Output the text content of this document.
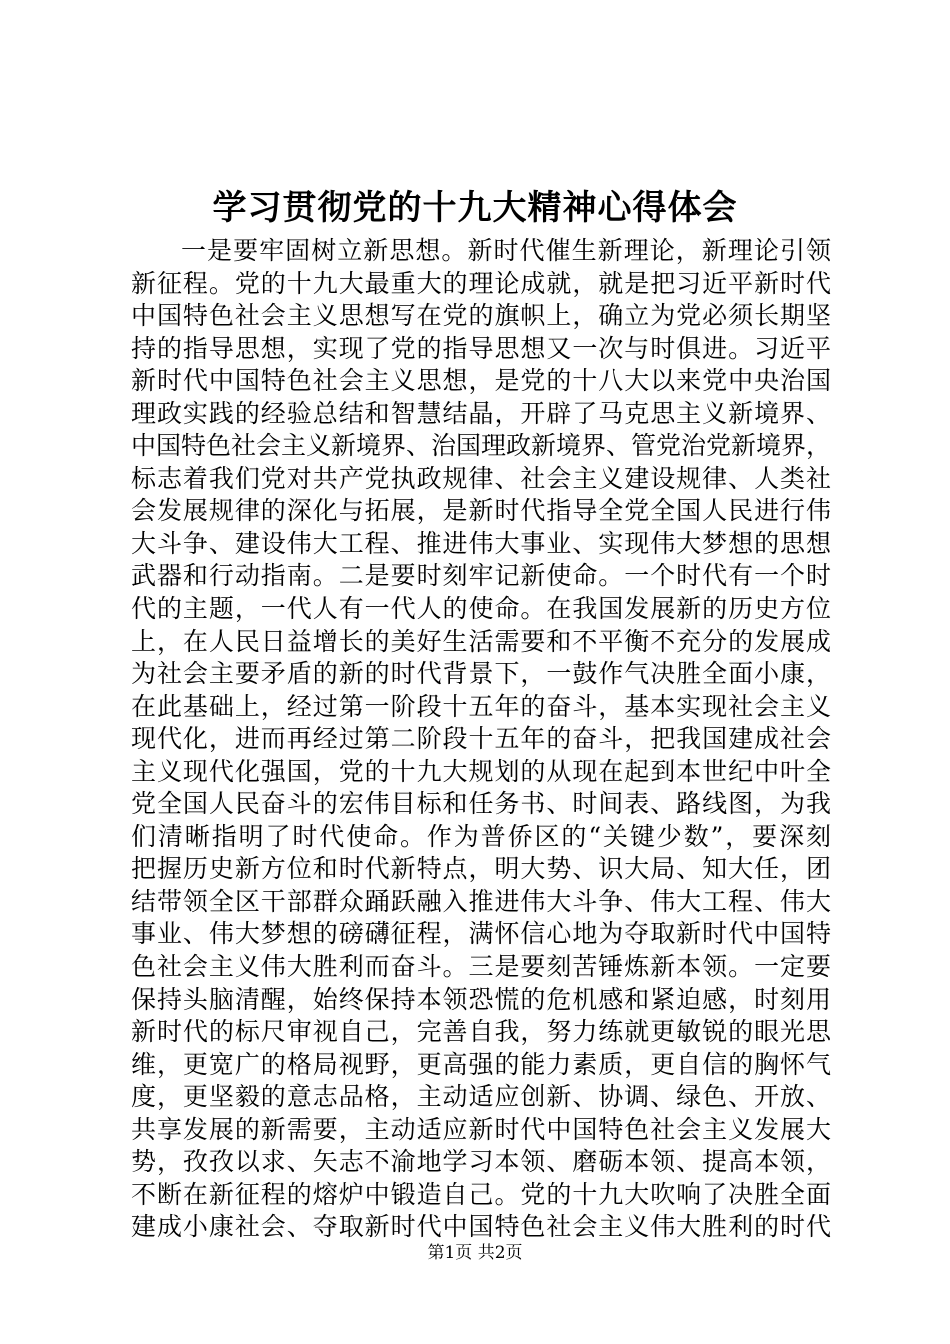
学习贯彻党的十九大精神心得体会
一是要牢固树立新思想。新时代催生新理论，新理论引领
新征程。党的十九大最重大的理论成就，就是把习近平新时代
中国特色社会主义思想写在党的旗帜上，确立为党必须长期坚
持的指导思想，实现了党的指导思想又一次与时俱进。习近平
新时代中国特色社会主义思想，是党的十八大以来党中央治国
理政实践的经验总结和智慧结晶，开辟了马克思主义新境界、
中国特色社会主义新境界、治国理政新境界、管党治党新境界，
标志着我们党对共产党执政规律、社会主义建设规律、人类社
会发展规律的深化与拓展，是新时代指导全党全国人民进行伟
大斗争、建设伟大工程、推进伟大事业、实现伟大梦想的思想
武器和行动指南。二是要时刻牢记新使命。一个时代有一个时
代的主题，一代人有一代人的使命。在我国发展新的历史方位
上，在人民日益增长的美好生活需要和不平衡不充分的发展成
为社会主要矛盾的新的时代背景下，一鼓作气决胜全面小康，
在此基础上，经过第一阶段十五年的奋斗，基本实现社会主义
现代化，进而再经过第二阶段十五年的奋斗，把我国建成社会
主义现代化强国，党的十九大规划的从现在起到本世纪中叶全
党全国人民奋斗的宏伟目标和任务书、时间表、路线图，为我
们清晰指明了时代使命。作为普侨区的“关键少数”，要深刻
把握历史新方位和时代新特点，明大势、识大局、知大任，团
结带领全区干部群众踊跃融入推进伟大斗争、伟大工程、伟大
事业、伟大梦想的磅礴征程，满怀信心地为夺取新时代中国特
色社会主义伟大胜利而奋斗。三是要刻苦锤炼新本领。一定要
保持头脑清醒，始终保持本领恐慌的危机感和紧迫感，时刻用
新时代的标尺审视自己，完善自我，努力练就更敏锐的眼光思
维，更宽广的格局视野，更高强的能力素质，更自信的胸怀气
度，更坚毅的意志品格，主动适应创新、协调、绿色、开放、
共享发展的新需要，主动适应新时代中国特色社会主义发展大
势，孜孜以求、矢志不渝地学习本领、磨砺本领、提高本领，
不断在新征程的熔炉中锻造自己。党的十九大吹响了决胜全面
建成小康社会、夺取新时代中国特色社会主义伟大胜利的时代
第1页 共2页
